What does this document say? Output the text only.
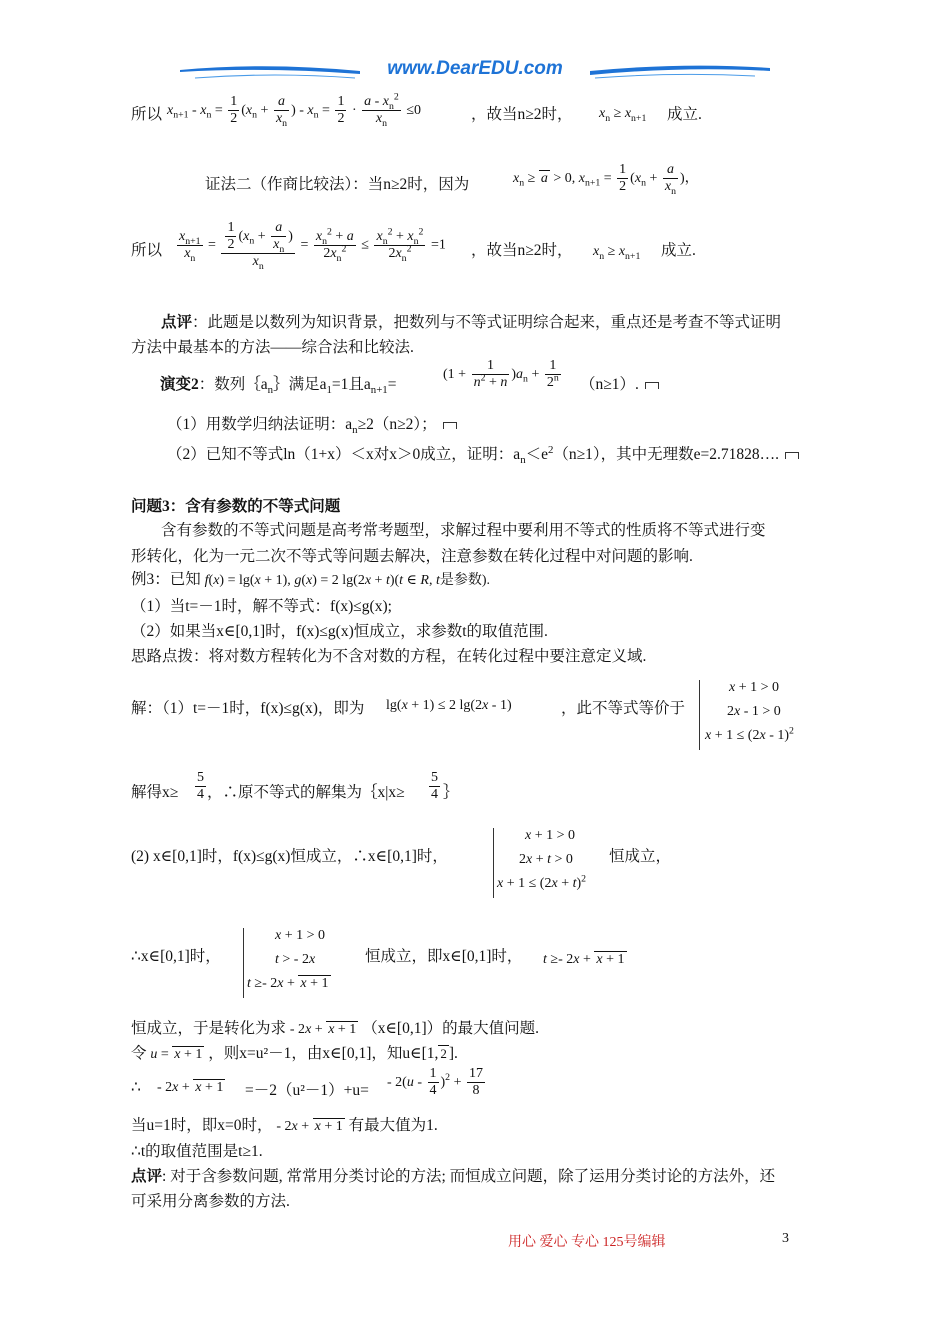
www.DearEDU.com
所以 $x_{n+1} - x_n = \frac{1}{2} (x_n + \frac{a}{x_n}$ ) - $x_n = \frac{1}{2} \cdot \frac{a - x_n^2}{x_n} \le 0$	，故当n≥2时， $x_n \ge x_{n+1}$ 成立.
证法二（作商比较法）：当n≥2时，因为	$x_n \ge a > 0$, $x_{n+1} = \frac{1}{2} (x_n + \frac{a}{x_n}$ )，
所以 $\frac{x_{n+1}}{x_n} = \frac{\frac{1}{2} (x_n + \frac{a}{x_n} )}{x_n} = \frac{x_n^2 + a}{2x_n^2} \le \frac{x_n^2 + x_n^2}{2x_n^2} =1$ ，故当n≥2时， $x_n \ge x_{n+1}$ 成立.
点评：此题是以数列为知识背景，把数列与不等式证明综合起来，重点还是考查不等式证明
方法中最基本的方法——综合法和比较法.
演变2：数列$\{a_n\}$满足$a_1=1$且$a_{n+1}=$
$(1 + \frac{1}{n^2 + n} )a_n + \frac{1}{2^n} (n\ge 1)$.
（1）用数学归纳法证明：$a_n\ge 2(n\ge 2)$；
（2）已知不等式ln（1+x）＜x对x＞0成立，证明：$a_n<e^2(n\ge 1)$，其中无理数e=2.71828….
问题3：含有参数的不等式问题
含有参数的不等式问题是高考常考题型，求解过程中要利用不等式的性质将不等式进行变
形转化，化为一元二次不等式等问题去解决，注意参数在转化过程中对问题的影响.
例3：已知 f(x) = lg(x + 1), g(x) = 2 lg(2x + t)(t ∈ R, t是参数).
（1）当t=－1时，解不等式：f(x)≤g(x);
（2）如果当x∈[0,1]时，f(x)≤g(x)恒成立，求参数t的取值范围.
思路点拨：将对数方程转化为不含对数的方程，在转化过程中要注意定义域.
解：（1）t=－1时，f(x)≤g(x)，即为 lg(x + 1) ≤ 2 lg(2x - 1)	，此不等式等价于
x + 1 > 0
2x - 1 > 0
x + 1 ≤ (2x - 1)$^2$
解得$x\ge \frac{5}{4}$ ，∴原不等式的解集为｛x|x≥ $\frac{5}{4}$ ｝
(2) x∈[0,1]时，f(x)≤g(x)恒成立，∴x∈[0,1]时，
x + 1 > 0
2x + t > 0
$x + 1 \le (2x + t)^2$
恒成立，
∴x∈[0,1]时，
x + 1 > 0
t > - 2x
t ≥- 2x + x + 1
恒成立，即x∈[0,1]时， t ≥- 2x + x + 1
恒成立，于是转化为求 - 2x + x + 1 （x∈[0,1]）的最大值问题.
令 u = x + 1 ，则x=u²－1，由x∈[0,1]，知u∈[1, 2 ].
∴ - $2x + x + 1 =-2(u^2-1)+u= - 2(u - \frac{1}{4} )^2 + \frac{17}{8}$
当u=1时，即x=0时， - 2x + x + 1 有最大值为1.
∴t的取值范围是t≥1.
点评: 对于含参数问题, 常常用分类讨论的方法; 而恒成立问题，除了运用分类讨论的方法外，还
可采用分离参数的方法.
用心 爱心 专心 125号编辑	3
